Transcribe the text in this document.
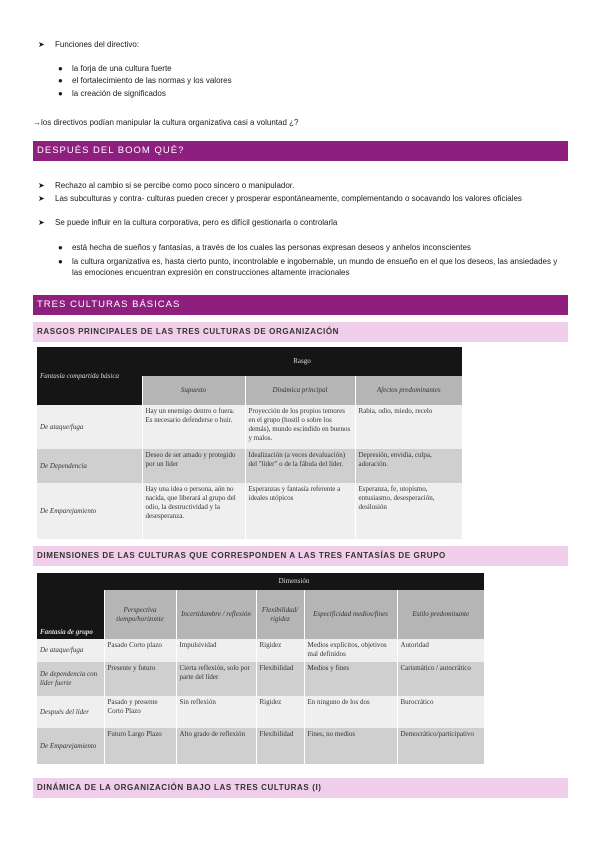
➤	Funciones del directivo:
●	la forja de una cultura fuerte
●	el fortalecimiento de las normas y los valores
●	la creación de significados
→los directivos podían manipular la cultura organizativa casi a voluntad ¿?
DESPUÉS DEL BOOM QUÉ?
➤	Rechazo al cambio si se percibe como poco sincero o manipulador.
➤	Las subculturas y contra- culturas pueden crecer y prosperar espontáneamente, complementando o socavando los valores oficiales
➤	Se puede influir en la cultura corporativa, pero es difícil gestionarla o controlarla
●	está hecha de sueños y fantasías, a través de los cuales las personas expresan deseos y anhelos inconscientes
●	la cultura organizativa es, hasta cierto punto, incontrolable e ingobernable, un mundo de ensueño en el que los deseos, las ansiedades y las emociones encuentran expresión en construcciones altamente irracionales
TRES CULTURAS BÁSICAS
RASGOS PRINCIPALES DE LAS TRES CULTURAS DE ORGANIZACIÓN
Fantasía compartida básica	Rasgo		
	Supuesto	Dinámica principal	Afectos predominantes
De ataque/fuga	Hay un enemigo dentro o fuera. Es necesario defenderse o huir.	Proyección de los propios temores en el grupo (hostil o sobre los demás), mundo escindido en buenos y malos.	Rabia, odio, miedo, recelo
De Dependencia	Deseo de ser amado y protegido por un líder	Idealización (a veces devaluación) del "líder" o de la fábula del líder.	Depresión, envidia, culpa, adoración.
De Emparejamiento	Hay una idea o persona, aún no nacida, que liberará al grupo del odio, la destructividad y la desesperanza.	Esperanzas y fantasía referente a ideales utópicos	Esperanza, fe, utopismo, entusiasmo, desesperación, desilusión
DIMENSIONES DE LAS CULTURAS QUE CORRESPONDEN A LAS TRES FANTASÍAS DE GRUPO
Fantasía de grupo	Dimensión				
	Perspectiva tiempo/horizonte	Incertidumbre / reflexión	Flexibilidad/ rigidez	Especificidad medios/fines	Estilo predominante
De ataque/fuga	Pasado Corto plazo	Impulsividad	Rigidez	Medios explícitos, objetivos mal definidos	Autoridad
De dependencia con líder fuerte	Presente y futuro	Cierta reflexión, solo por parte del líder	Flexibilidad	Medios y fines	Carismático / autocrático
Después del líder	Pasado y presente Corto Plazo	Sin reflexión	Rigidez	En ninguno de los dos	Burocrático
De Emparejamiento	Futuro Largo Plazo	Alto grado de reflexión	Flexibilidad	Fines, no medios	Democrático/participativo
DINÁMICA DE LA ORGANIZACIÓN BAJO LAS TRES CULTURAS (I)
